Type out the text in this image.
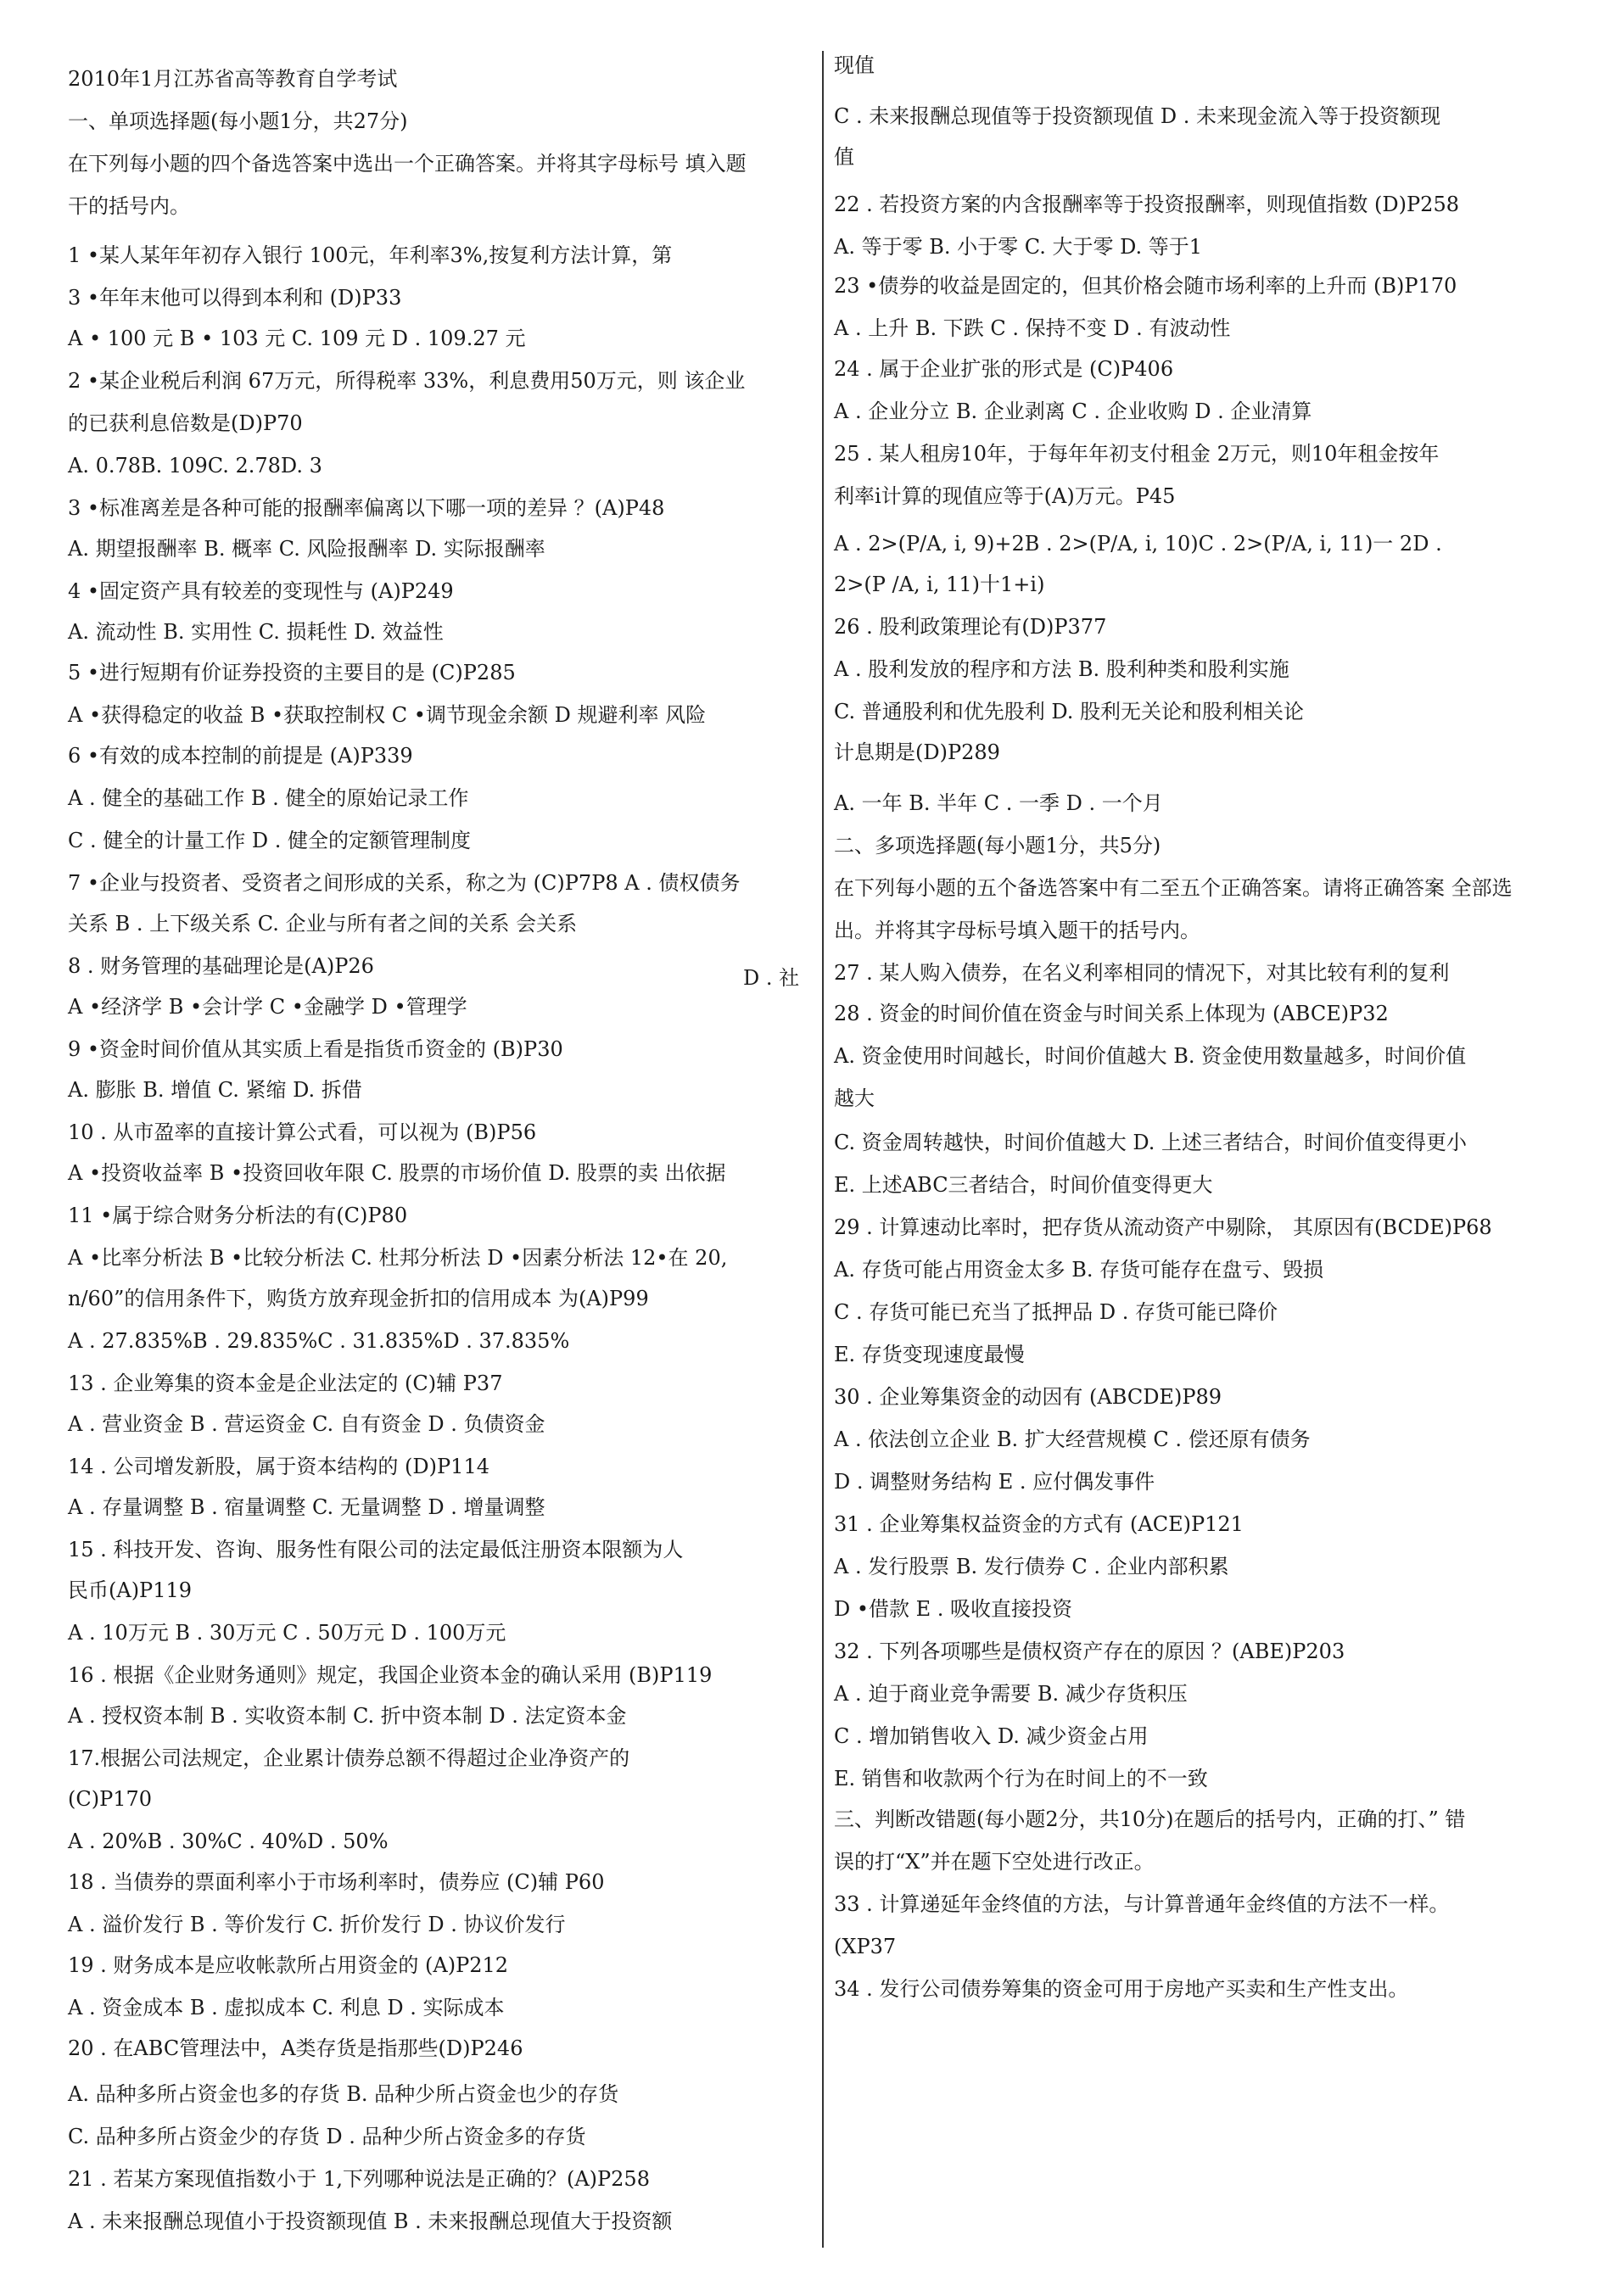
2010年1月江苏省高等教育自学考试
一、单项选择题(每小题1分，共27分)
在下列每小题的四个备选答案中选出一个正确答案。并将其字母标号 填入题
干的括号内。
1 •某人某年年初存入银行 100元，年利率3%,按复利方法计算，第
3 •年年末他可以得到本利和 (D)P33
A • 100 元 B • 103 元 C. 109 元 D . 109.27 元
2 •某企业税后利润 67万元，所得税率 33%，利息费用50万元，则 该企业
的已获利息倍数是(D)P70
A. 0.78B. 109C. 2.78D. 3
3 •标准离差是各种可能的报酬率偏离以下哪一项的差异 ？(A)P48
A. 期望报酬率 B. 概率 C. 风险报酬率 D. 实际报酬率
4 •固定资产具有较差的变现性与 (A)P249
A. 流动性 B. 实用性 C. 损耗性 D. 效益性
5 •进行短期有价证券投资的主要目的是 (C)P285
A •获得稳定的收益 B •获取控制权 C •调节现金余额 D 规避利率 风险
6 •有效的成本控制的前提是 (A)P339
A . 健全的基础工作 B . 健全的原始记录工作
C . 健全的计量工作 D . 健全的定额管理制度
7 •企业与投资者、受资者之间形成的关系，称之为 (C)P7P8 A . 债权债务
关系 B . 上下级关系 C. 企业与所有者之间的关系 会关系
8 . 财务管理的基础理论是(A)P26
A •经济学 B •会计学 C •金融学 D •管理学
9 •资金时间价值从其实质上看是指货币资金的 (B)P30
A. 膨胀 B. 增值 C. 紧缩 D. 拆借
10 . 从市盈率的直接计算公式看，可以视为 (B)P56
A •投资收益率 B •投资回收年限 C. 股票的市场价值 D. 股票的卖 出依据
11 •属于综合财务分析法的有(C)P80
A •比率分析法 B •比较分析法 C. 杜邦分析法 D •因素分析法 12•在 20,
n/60”的信用条件下，购货方放弃现金折扣的信用成本 为(A)P99
A . 27.835%B . 29.835%C . 31.835%D . 37.835%
13 . 企业筹集的资本金是企业法定的 (C)辅 P37
A . 营业资金 B . 营运资金 C. 自有资金 D . 负债资金
14 . 公司增发新股，属于资本结构的 (D)P114
A . 存量调整 B . 宿量调整 C. 无量调整 D . 增量调整
15 . 科技开发、咨询、服务性有限公司的法定最低注册资本限额为人
民币(A)P119
A . 10万元 B . 30万元 C . 50万元 D . 100万元
16 . 根据《企业财务通则》规定，我国企业资本金的确认采用 (B)P119
A . 授权资本制 B . 实收资本制 C. 折中资本制 D . 法定资本金
17.根据公司法规定，企业累计债券总额不得超过企业净资产的
(C)P170
A . 20%B . 30%C . 40%D . 50%
18 . 当债券的票面利率小于市场利率时，债券应 (C)辅 P60
A . 溢价发行 B . 等价发行 C. 折价发行 D . 协议价发行
19 . 财务成本是应收帐款所占用资金的 (A)P212
A . 资金成本 B . 虚拟成本 C. 利息 D . 实际成本
20 . 在ABC管理法中，A类存货是指那些(D)P246
A. 品种多所占资金也多的存货 B. 品种少所占资金也少的存货
C. 品种多所占资金少的存货 D . 品种少所占资金多的存货
21 . 若某方案现值指数小于 1,下列哪种说法是正确的？(A)P258
A . 未来报酬总现值小于投资额现值 B . 未来报酬总现值大于投资额
现值
C . 未来报酬总现值等于投资额现值 D . 未来现金流入等于投资额现
值
22 . 若投资方案的内含报酬率等于投资报酬率，则现值指数 (D)P258
A. 等于零 B. 小于零 C. 大于零 D. 等于1
23 •债券的收益是固定的，但其价格会随市场利率的上升而 (B)P170
A . 上升 B. 下跌 C . 保持不变 D . 有波动性
24 . 属于企业扩张的形式是 (C)P406
A . 企业分立 B. 企业剥离 C . 企业收购 D . 企业清算
25 . 某人租房10年，于每年年初支付租金 2万元，则10年租金按年
利率i计算的现值应等于(A)万元。P45
A . 2>(P/A, i, 9)+2B . 2>(P/A, i, 10)C . 2>(P/A, i, 11)一 2D .
2>(P /A, i, 11)十1+i)
26 . 股利政策理论有(D)P377
A . 股利发放的程序和方法 B. 股利种类和股利实施
C. 普通股利和优先股利 D. 股利无关论和股利相关论
计息期是(D)P289
A. 一年 B. 半年 C . 一季 D . 一个月
二、多项选择题(每小题1分，共5分)
在下列每小题的五个备选答案中有二至五个正确答案。请将正确答案 全部选
出。并将其字母标号填入题干的括号内。
27 . 某人购入债券，在名义利率相同的情况下，对其比较有利的复利
28 . 资金的时间价值在资金与时间关系上体现为 (ABCE)P32
A. 资金使用时间越长，时间价值越大 B. 资金使用数量越多，时间价值
越大
C. 资金周转越快，时间价值越大 D. 上述三者结合，时间价值变得更小
E. 上述ABC三者结合，时间价值变得更大
29 . 计算速动比率时，把存货从流动资产中剔除， 其原因有(BCDE)P68
A. 存货可能占用资金太多 B. 存货可能存在盘亏、毁损
C . 存货可能已充当了抵押品 D . 存货可能已降价
E. 存货变现速度最慢
30 . 企业筹集资金的动因有 (ABCDE)P89
A . 依法创立企业 B. 扩大经营规模 C . 偿还原有债务
D . 调整财务结构 E . 应付偶发事件
31 . 企业筹集权益资金的方式有 (ACE)P121
A . 发行股票 B. 发行债券 C . 企业内部积累
D •借款 E . 吸收直接投资
32 . 下列各项哪些是债权资产存在的原因 ？(ABE)P203
A . 迫于商业竞争需要 B. 减少存货积压
C . 增加销售收入 D. 减少资金占用
E. 销售和收款两个行为在时间上的不一致
三、判断改错题(每小题2分，共10分)在题后的括号内，正确的打、” 错
误的打“X”并在题下空处进行改正。
33 . 计算递延年金终值的方法，与计算普通年金终值的方法不一样。
(XP37
34 . 发行公司债券筹集的资金可用于房地产买卖和生产性支出。
D . 社
